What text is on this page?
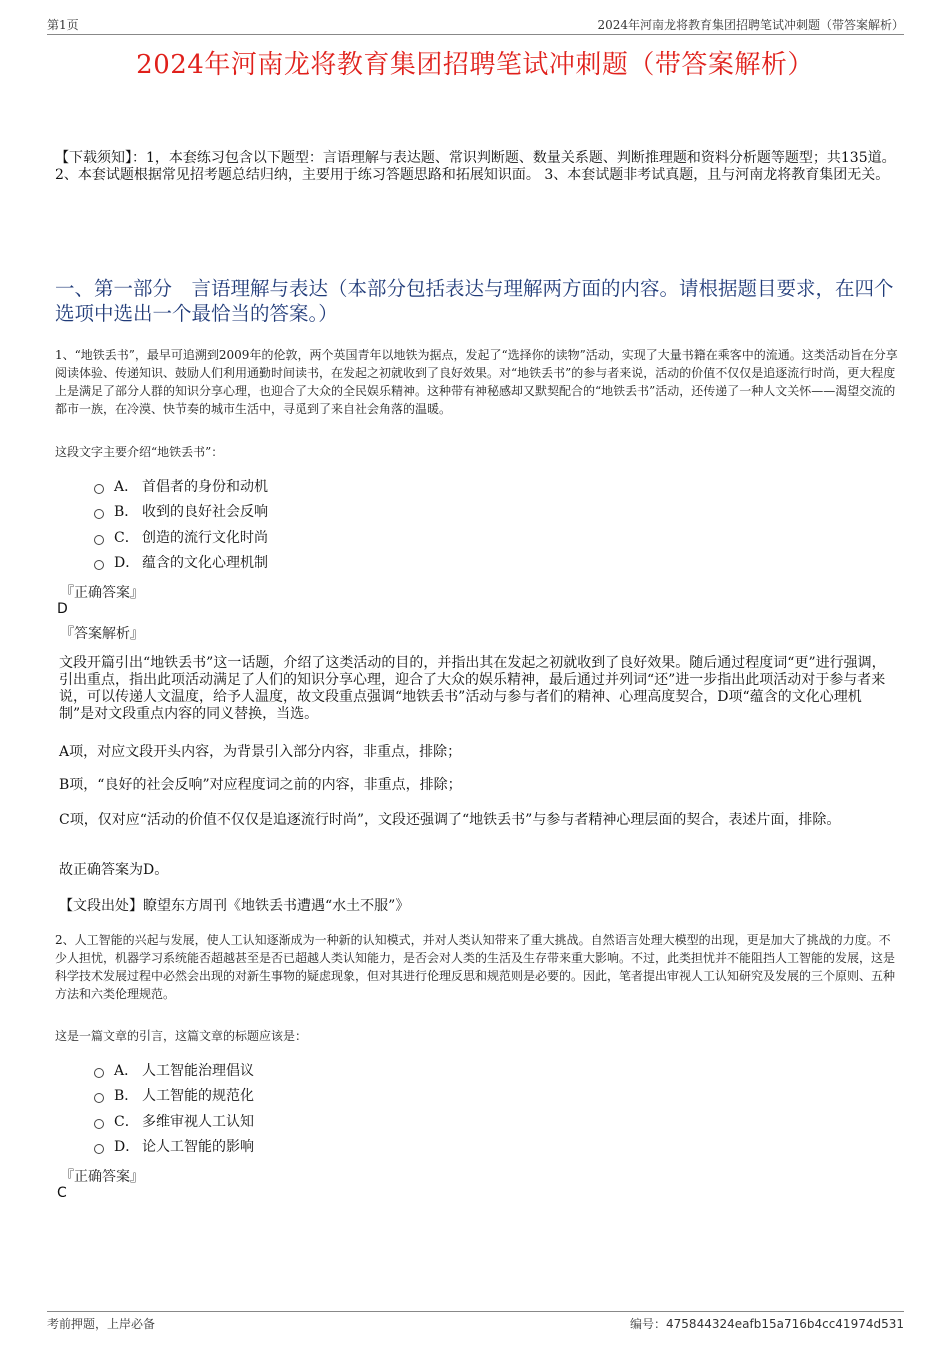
第1页	2024年河南龙将教育集团招聘笔试冲刺题（带答案解析）
2024年河南龙将教育集团招聘笔试冲刺题（带答案解析）
【下载须知】：1，本套练习包含以下题型：言语理解与表达题、常识判断题、数量关系题、判断推理题和资料分析题等题型；共135道。 2、本套试题根据常见招考题总结归纳，主要用于练习答题思路和拓展知识面。 3、本套试题非考试真题，且与河南龙将教育集团无关。
一、第一部分　言语理解与表达（本部分包括表达与理解两方面的内容。请根据题目要求，在四个选项中选出一个最恰当的答案。）
1、“地铁丢书”，最早可追溯到2009年的伦敦，两个英国青年以地铁为据点，发起了“选择你的读物”活动，实现了大量书籍在乘客中的流通。这类活动旨在分享阅读体验、传递知识、鼓励人们利用通勤时间读书，在发起之初就收到了良好效果。对“地铁丢书”的参与者来说，活动的价值不仅仅是追逐流行时尚，更大程度上是满足了部分人群的知识分享心理，也迎合了大众的全民娱乐精神。这种带有神秘感却又默契配合的“地铁丢书”活动，还传递了一种人文关怀——渴望交流的都市一族，在冷漠、快节奏的城市生活中，寻觅到了来自社会角落的温暖。
这段文字主要介绍“地铁丢书”：
A． 首倡者的身份和动机
B． 收到的良好社会反响
C． 创造的流行文化时尚
D． 蕴含的文化心理机制
『正确答案』
D
『答案解析』
文段开篇引出“地铁丢书”这一话题，介绍了这类活动的目的，并指出其在发起之初就收到了良好效果。随后通过程度词“更”进行强调，引出重点，指出此项活动满足了人们的知识分享心理，迎合了大众的娱乐精神，最后通过并列词“还”进一步指出此项活动对于参与者来说，可以传递人文温度，给予人温度，故文段重点强调“地铁丢书”活动与参与者们的精神、心理高度契合，D项“蕴含的文化心理机制”是对文段重点内容的同义替换，当选。
A项，对应文段开头内容，为背景引入部分内容，非重点，排除；
B项，“良好的社会反响”对应程度词之前的内容，非重点，排除；
C项，仅对应“活动的价值不仅仅是追逐流行时尚”，文段还强调了“地铁丢书”与参与者精神心理层面的契合，表述片面，排除。
故正确答案为D。
【文段出处】瞭望东方周刊《地铁丢书遭遇“水土不服”》
2、人工智能的兴起与发展，使人工认知逐渐成为一种新的认知模式，并对人类认知带来了重大挑战。自然语言处理大模型的出现，更是加大了挑战的力度。不少人担忧，机器学习系统能否超越甚至是否已超越人类认知能力，是否会对人类的生活及生存带来重大影响。不过，此类担忧并不能阻挡人工智能的发展，这是科学技术发展过程中必然会出现的对新生事物的疑虑现象，但对其进行伦理反思和规范则是必要的。因此，笔者提出审视人工认知研究及发展的三个原则、五种方法和六类伦理规范。
这是一篇文章的引言，这篇文章的标题应该是：
A． 人工智能治理倡议
B． 人工智能的规范化
C． 多维审视人工认知
D． 论人工智能的影响
『正确答案』
C
考前押题，上岸必备	编号：475844324eafb15a716b4cc41974d531
